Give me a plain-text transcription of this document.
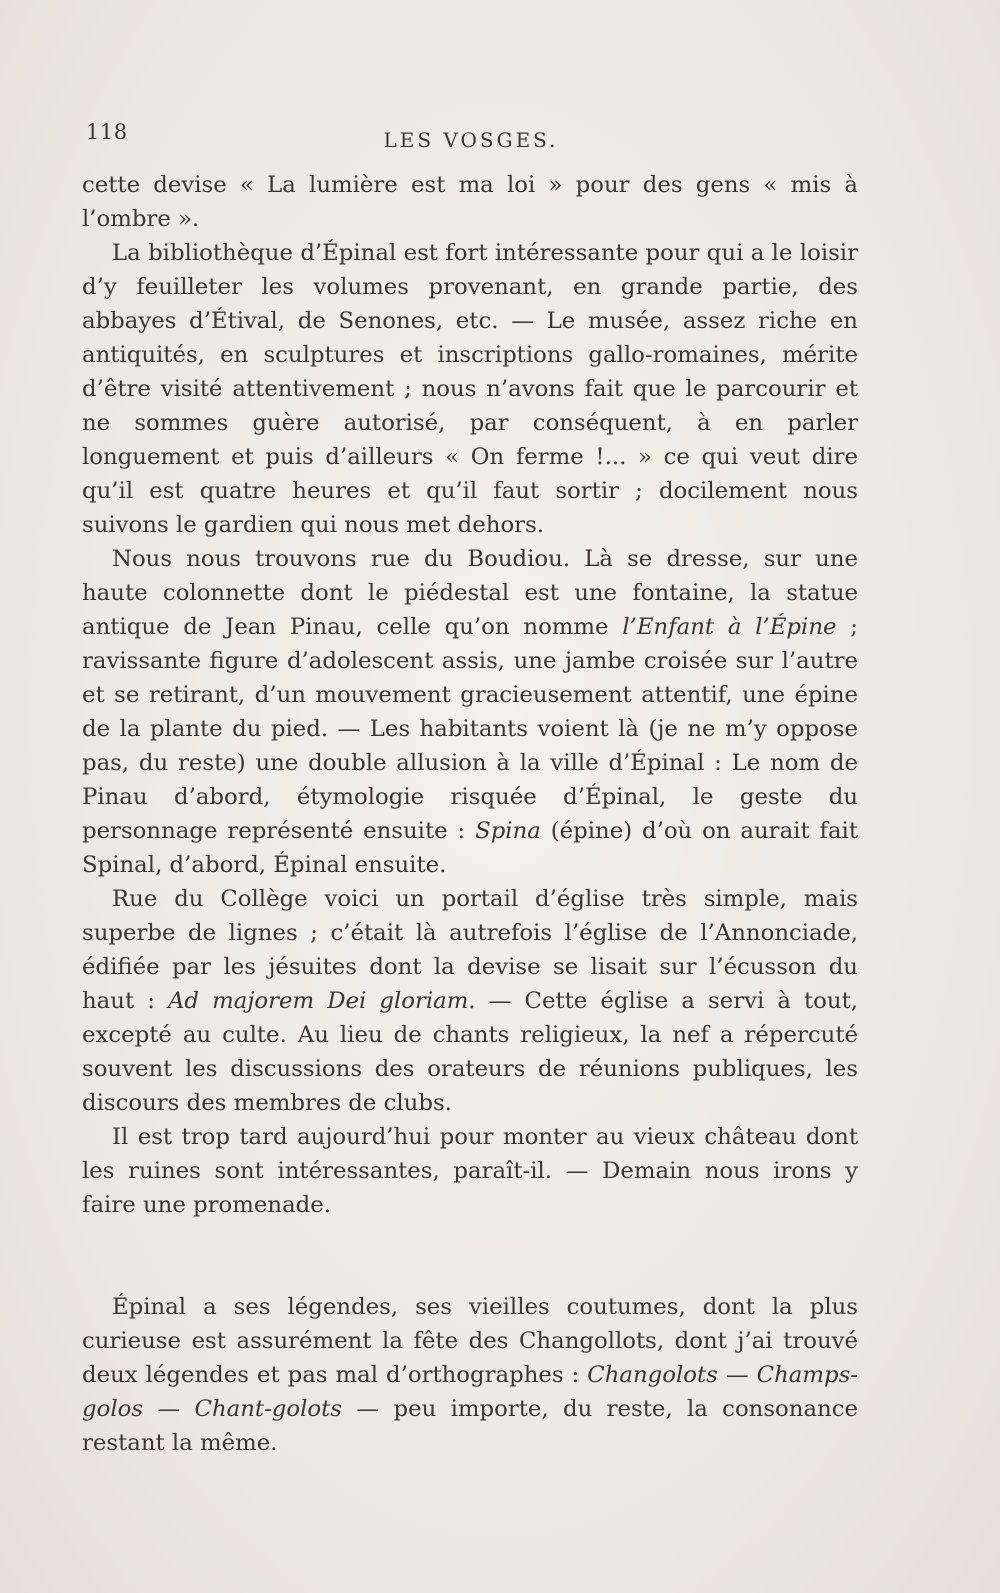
118	LES VOSGES.

cette devise « La lumière est ma loi » pour des gens « mis à l’ombre ».

La bibliothèque d’Épinal est fort intéressante pour qui a le loisir d’y feuilleter les volumes provenant, en grande partie, des abbayes d’Étival, de Senones, etc. — Le musée, assez riche en antiquités, en sculptures et inscriptions gallo-romaines, mérite d’être visité attentivement ; nous n’avons fait que le parcourir et ne sommes guère autorisé, par conséquent, à en parler longuement et puis d’ailleurs « On ferme !... » ce qui veut dire qu’il est quatre heures et qu’il faut sortir ; docilement nous suivons le gardien qui nous met dehors.

Nous nous trouvons rue du Boudiou. Là se dresse, sur une haute colonnette dont le piédestal est une fontaine, la statue antique de Jean Pinau, celle qu’on nomme l’Enfant à l’Épine ; ravissante figure d’adolescent assis, une jambe croisée sur l’autre et se retirant, d’un mouvement gracieusement attentif, une épine de la plante du pied. — Les habitants voient là (je ne m’y oppose pas, du reste) une double allusion à la ville d’Épinal : Le nom de Pinau d’abord, étymologie risquée d’Épinal, le geste du personnage représenté ensuite : Spina (épine) d’où on aurait fait Spinal, d’abord, Épinal ensuite.

Rue du Collège voici un portail d’église très simple, mais superbe de lignes ; c’était là autrefois l’église de l’Annonciade, édifiée par les jésuites dont la devise se lisait sur l’écusson du haut : Ad majorem Dei gloriam. — Cette église a servi à tout, excepté au culte. Au lieu de chants religieux, la nef a répercuté souvent les discussions des orateurs de réunions publiques, les discours des membres de clubs.

Il est trop tard aujourd’hui pour monter au vieux château dont les ruines sont intéressantes, paraît-il. — Demain nous irons y faire une promenade.

Épinal a ses légendes, ses vieilles coutumes, dont la plus curieuse est assurément la fête des Changollots, dont j’ai trouvé deux légendes et pas mal d’orthographes : Changolots — Champs-golos — Chant-golots — peu importe, du reste, la consonance restant la même.
